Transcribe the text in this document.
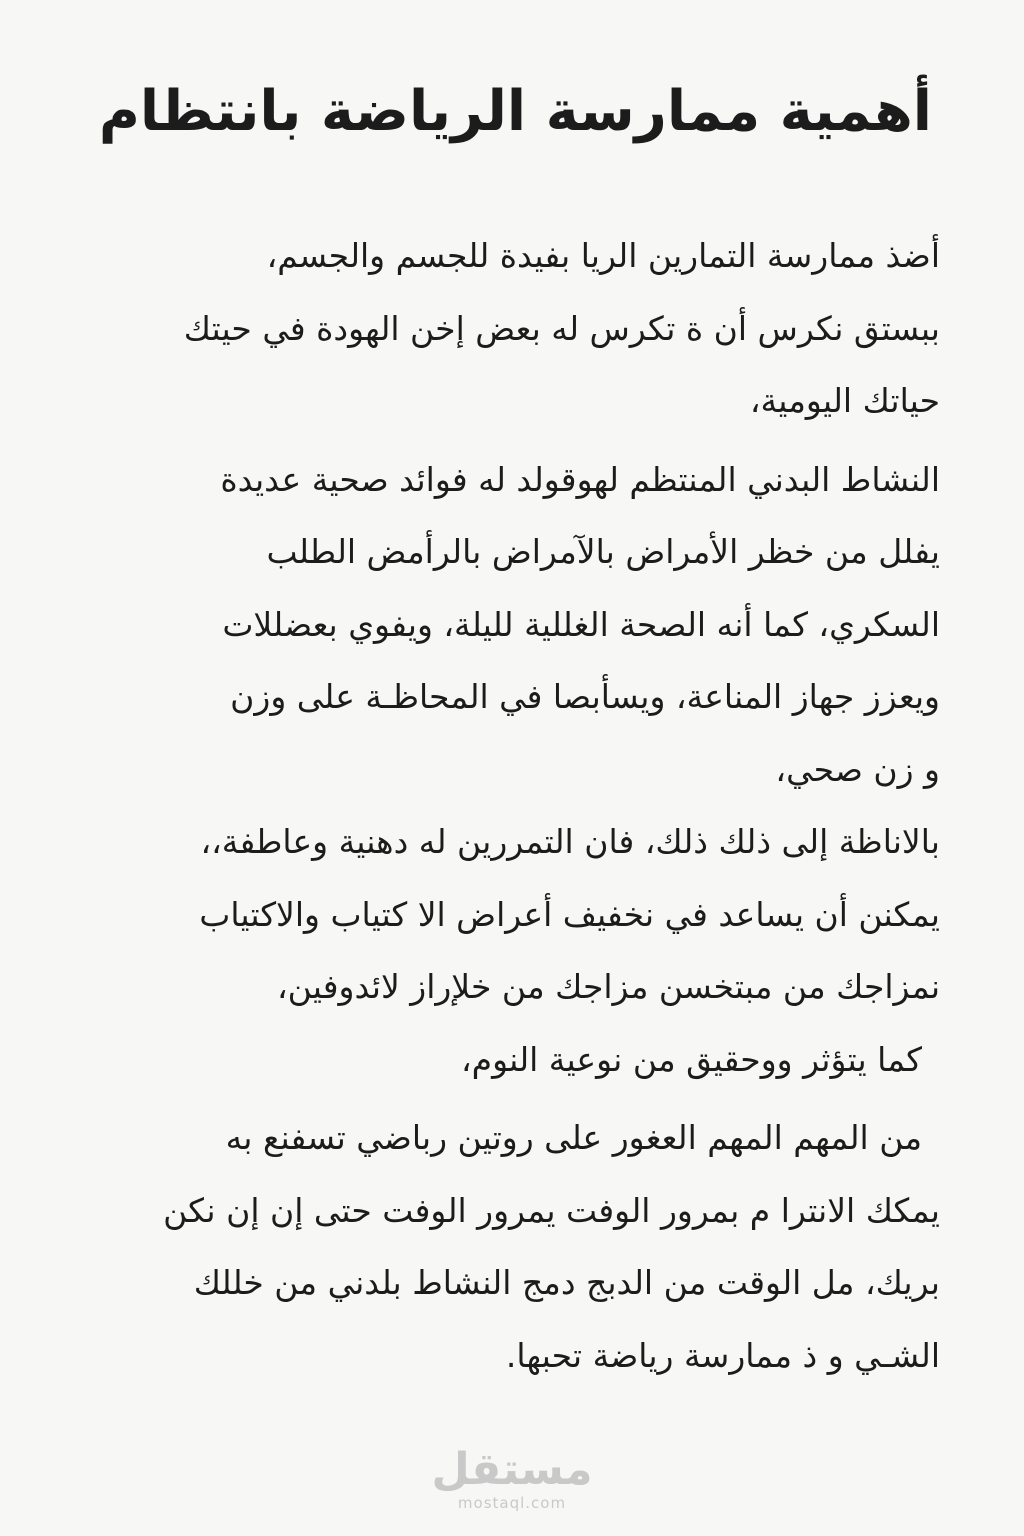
أهمية ممارسة الرياضة بانتظام

أضذ ممارسة التمارين الريا بفيدة للجسم والجسم،
ببستق نكرس أن ة تكرس له بعض إخن الهودة في حيتك
حياتك اليومية،

النشاط البدني المنتظم لهوقولد له فوائد صحية عديدة
يفلل من خظر الأمراض بالآمراض بالرأمض الطلب
السكري، كما أنه الصحة الغللية لليلة، ويفوي بعضللات
ويعزز جهاز المناعة، ويسأبصا في المحاظـة على وزن
و زن صحي،
بالاناظة إلى ذلك ذلك، فان التمررين له دهنية وعاطفة،،
يمكنن أن يساعد في نخفيف أعراض الا كتياب والاكتياب
نمزاجك من مبتخسن مزاجك من خلإراز لائدوفين،
كما يتؤثر ووحقيق من نوعية النوم،

من المهم المهم العغور على روتين رباضي تسفنع به
يمكك الانترا م بمرور الوفت يمرور الوفت حتى إن إن نكن
بريك، مل الوقت من الدبج دمج النشاط بلدني من خللك
الشـي و ذ ممارسة رياضة تحبها.

مستقل
mostaql.com
